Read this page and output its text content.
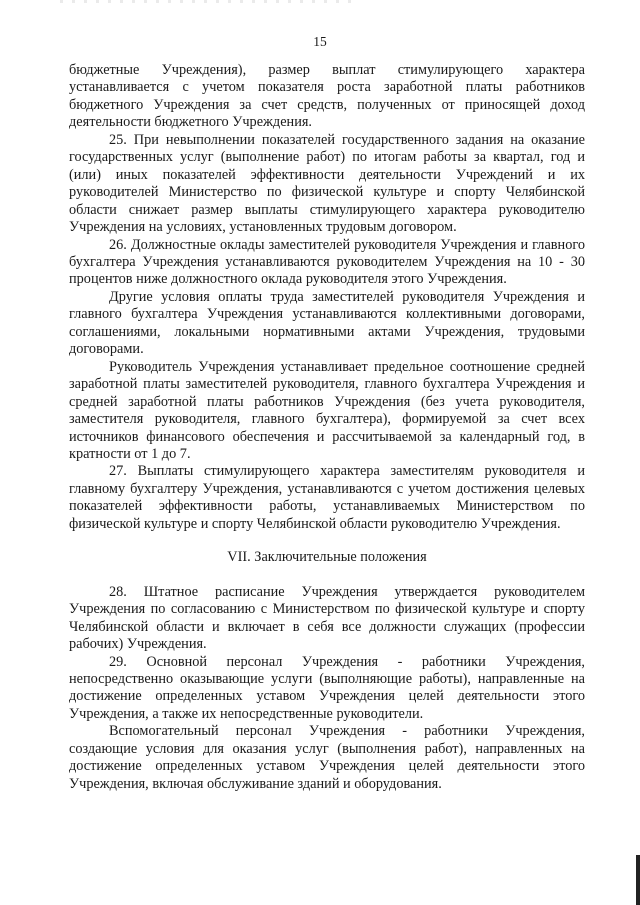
15

бюджетные Учреждения), размер выплат стимулирующего характера устанавливается с учетом показателя роста заработной платы работников бюджетного Учреждения за счет средств, полученных от приносящей доход деятельности бюджетного Учреждения.

25. При невыполнении показателей государственного задания на оказание государственных услуг (выполнение работ) по итогам работы за квартал, год и (или) иных показателей эффективности деятельности Учреждений и их руководителей Министерство по физической культуре и спорту Челябинской области снижает размер выплаты стимулирующего характера руководителю Учреждения на условиях, установленных трудовым договором.

26. Должностные оклады заместителей руководителя Учреждения и главного бухгалтера Учреждения устанавливаются руководителем Учреждения на 10 - 30 процентов ниже должностного оклада руководителя этого Учреждения.

Другие условия оплаты труда заместителей руководителя Учреждения и главного бухгалтера Учреждения устанавливаются коллективными договорами, соглашениями, локальными нормативными актами Учреждения, трудовыми договорами.

Руководитель Учреждения устанавливает предельное соотношение средней заработной платы заместителей руководителя, главного бухгалтера Учреждения и средней заработной платы работников Учреждения (без учета руководителя, заместителя руководителя, главного бухгалтера), формируемой за счет всех источников финансового обеспечения и рассчитываемой за календарный год, в кратности от 1 до 7.

27. Выплаты стимулирующего характера заместителям руководителя и главному бухгалтеру Учреждения, устанавливаются с учетом достижения целевых показателей эффективности работы, устанавливаемых Министерством по физической культуре и спорту Челябинской области руководителю Учреждения.

VII. Заключительные положения

28. Штатное расписание Учреждения утверждается руководителем Учреждения по согласованию с Министерством по физической культуре и спорту Челябинской области и включает в себя все должности служащих (профессии рабочих) Учреждения.

29. Основной персонал Учреждения - работники Учреждения, непосредственно оказывающие услуги (выполняющие работы), направленные на достижение определенных уставом Учреждения целей деятельности этого Учреждения, а также их непосредственные руководители.

Вспомогательный персонал Учреждения - работники Учреждения, создающие условия для оказания услуг (выполнения работ), направленных на достижение определенных уставом Учреждения целей деятельности этого Учреждения, включая обслуживание зданий и оборудования.
